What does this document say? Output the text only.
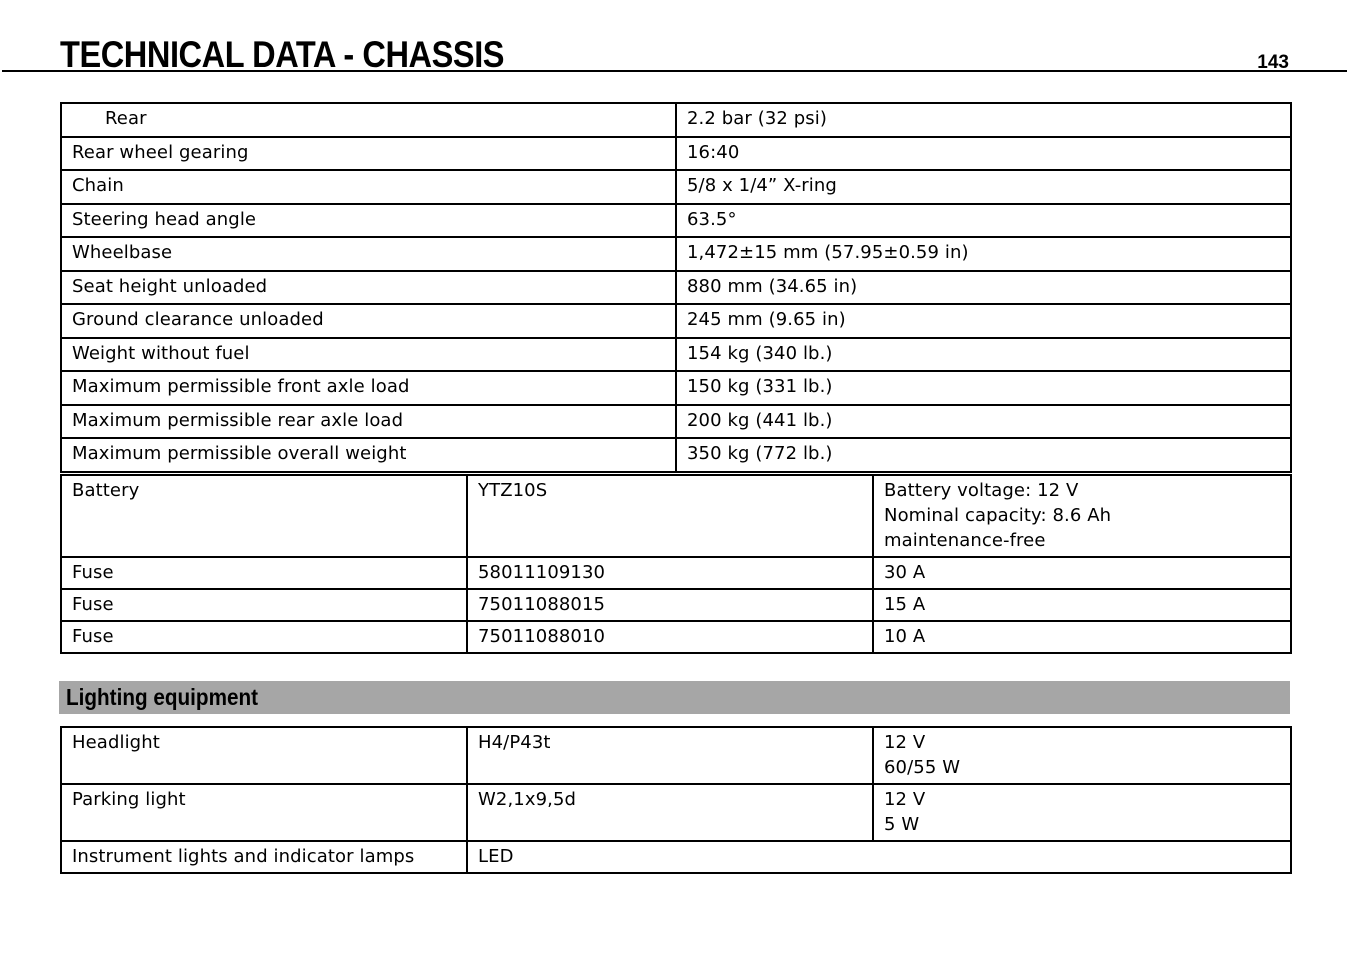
TECHNICAL DATA - CHASSIS	143
Rear	2.2 bar (32 psi)
Rear wheel gearing	16:40
Chain	5/8 x 1/4” X-ring
Steering head angle	63.5°
Wheelbase	1,472±15 mm (57.95±0.59 in)
Seat height unloaded	880 mm (34.65 in)
Ground clearance unloaded	245 mm (9.65 in)
Weight without fuel	154 kg (340 lb.)
Maximum permissible front axle load	150 kg (331 lb.)
Maximum permissible rear axle load	200 kg (441 lb.)
Maximum permissible overall weight	350 kg (772 lb.)
Battery	YTZ10S	Battery voltage: 12 V
Nominal capacity: 8.6 Ah
maintenance-free

Fuse	58011109130	30 A

Fuse	75011088015	15 A

Fuse	75011088010	10 A
Lighting equipment
Headlight	H4/P43t	12 V
60/55 W

Parking light	W2,1x9,5d	12 V
5 W

Instrument lights and indicator lamps	LED	
